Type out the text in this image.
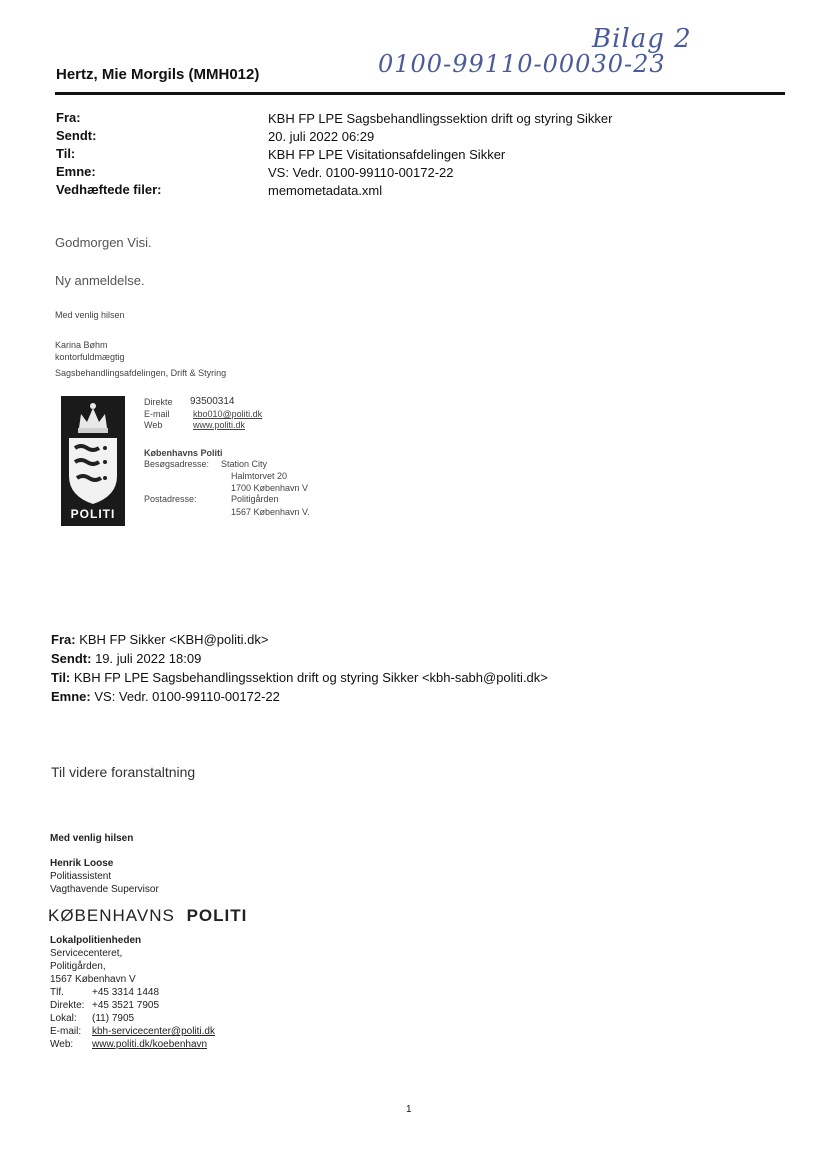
0100-99110-00030-23
Bilag 2
Hertz, Mie Morgils (MMH012)
Fra:	KBH FP LPE Sagsbehandlingssektion drift og styring Sikker
Sendt:	20. juli 2022 06:29
Til:	KBH FP LPE Visitationsafdelingen Sikker
Emne:	VS: Vedr. 0100-99110-00172-22
Vedhæftede filer:	memometadata.xml
Godmorgen Visi.
Ny anmeldelse.
Med venlig hilsen
Karina Bøhm
kontorfuldmægtig
Sagsbehandlingsafdelingen, Drift & Styring
POLITI
Direkte 93500314
E-mail	kbo010@politi.dk
Web	www.politi.dk
Københavns Politi
Besøgsadresse: Station City
Halmtorvet 20
1700 København V
Postadresse:	Politigården
1567 København V.
Fra: KBH FP Sikker <KBH@politi.dk>
Sendt: 19. juli 2022 18:09
Til: KBH FP LPE Sagsbehandlingssektion drift og styring Sikker <kbh-sabh@politi.dk>
Emne: VS: Vedr. 0100-99110-00172-22
Til videre foranstaltning
Med venlig hilsen
Henrik Loose
Politiassistent
Vagthavende Supervisor
KØBENHAVNS POLITI
Lokalpolitienheden
Servicecenteret,
Politigården,
1567 København V
Tlf.	+45 3314 1448
Direkte: +45 3521 7905
Lokal: (11) 7905
E-mail: kbh-servicecenter@politi.dk
Web: www.politi.dk/koebenhavn
1
